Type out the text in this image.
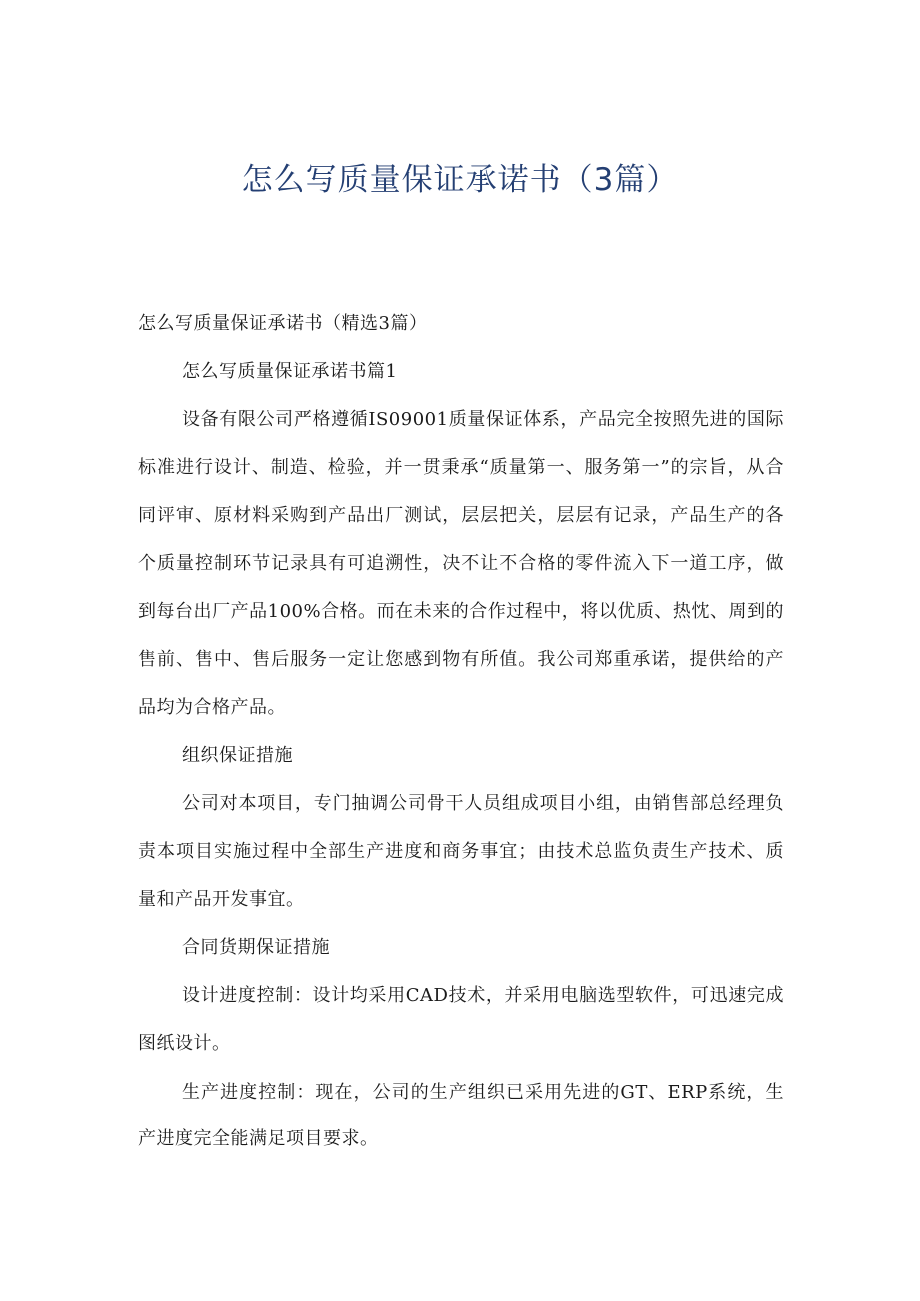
怎么写质量保证承诺书（3篇）

怎么写质量保证承诺书（精选3篇）

怎么写质量保证承诺书篇1

设备有限公司严格遵循IS09001质量保证体系，产品完全按照先进的国际标准进行设计、制造、检验，并一贯秉承“质量第一、服务第一”的宗旨，从合同评审、原材料采购到产品出厂测试，层层把关，层层有记录，产品生产的各个质量控制环节记录具有可追溯性，决不让不合格的零件流入下一道工序，做到每台出厂产品100%合格。而在未来的合作过程中，将以优质、热忱、周到的售前、售中、售后服务一定让您感到物有所值。我公司郑重承诺，提供给的产品均为合格产品。

组织保证措施

公司对本项目，专门抽调公司骨干人员组成项目小组，由销售部总经理负责本项目实施过程中全部生产进度和商务事宜；由技术总监负责生产技术、质量和产品开发事宜。

合同货期保证措施

设计进度控制：设计均采用CAD技术，并采用电脑选型软件，可迅速完成图纸设计。

生产进度控制：现在，公司的生产组织已采用先进的GT、ERP系统，生产进度完全能满足项目要求。
